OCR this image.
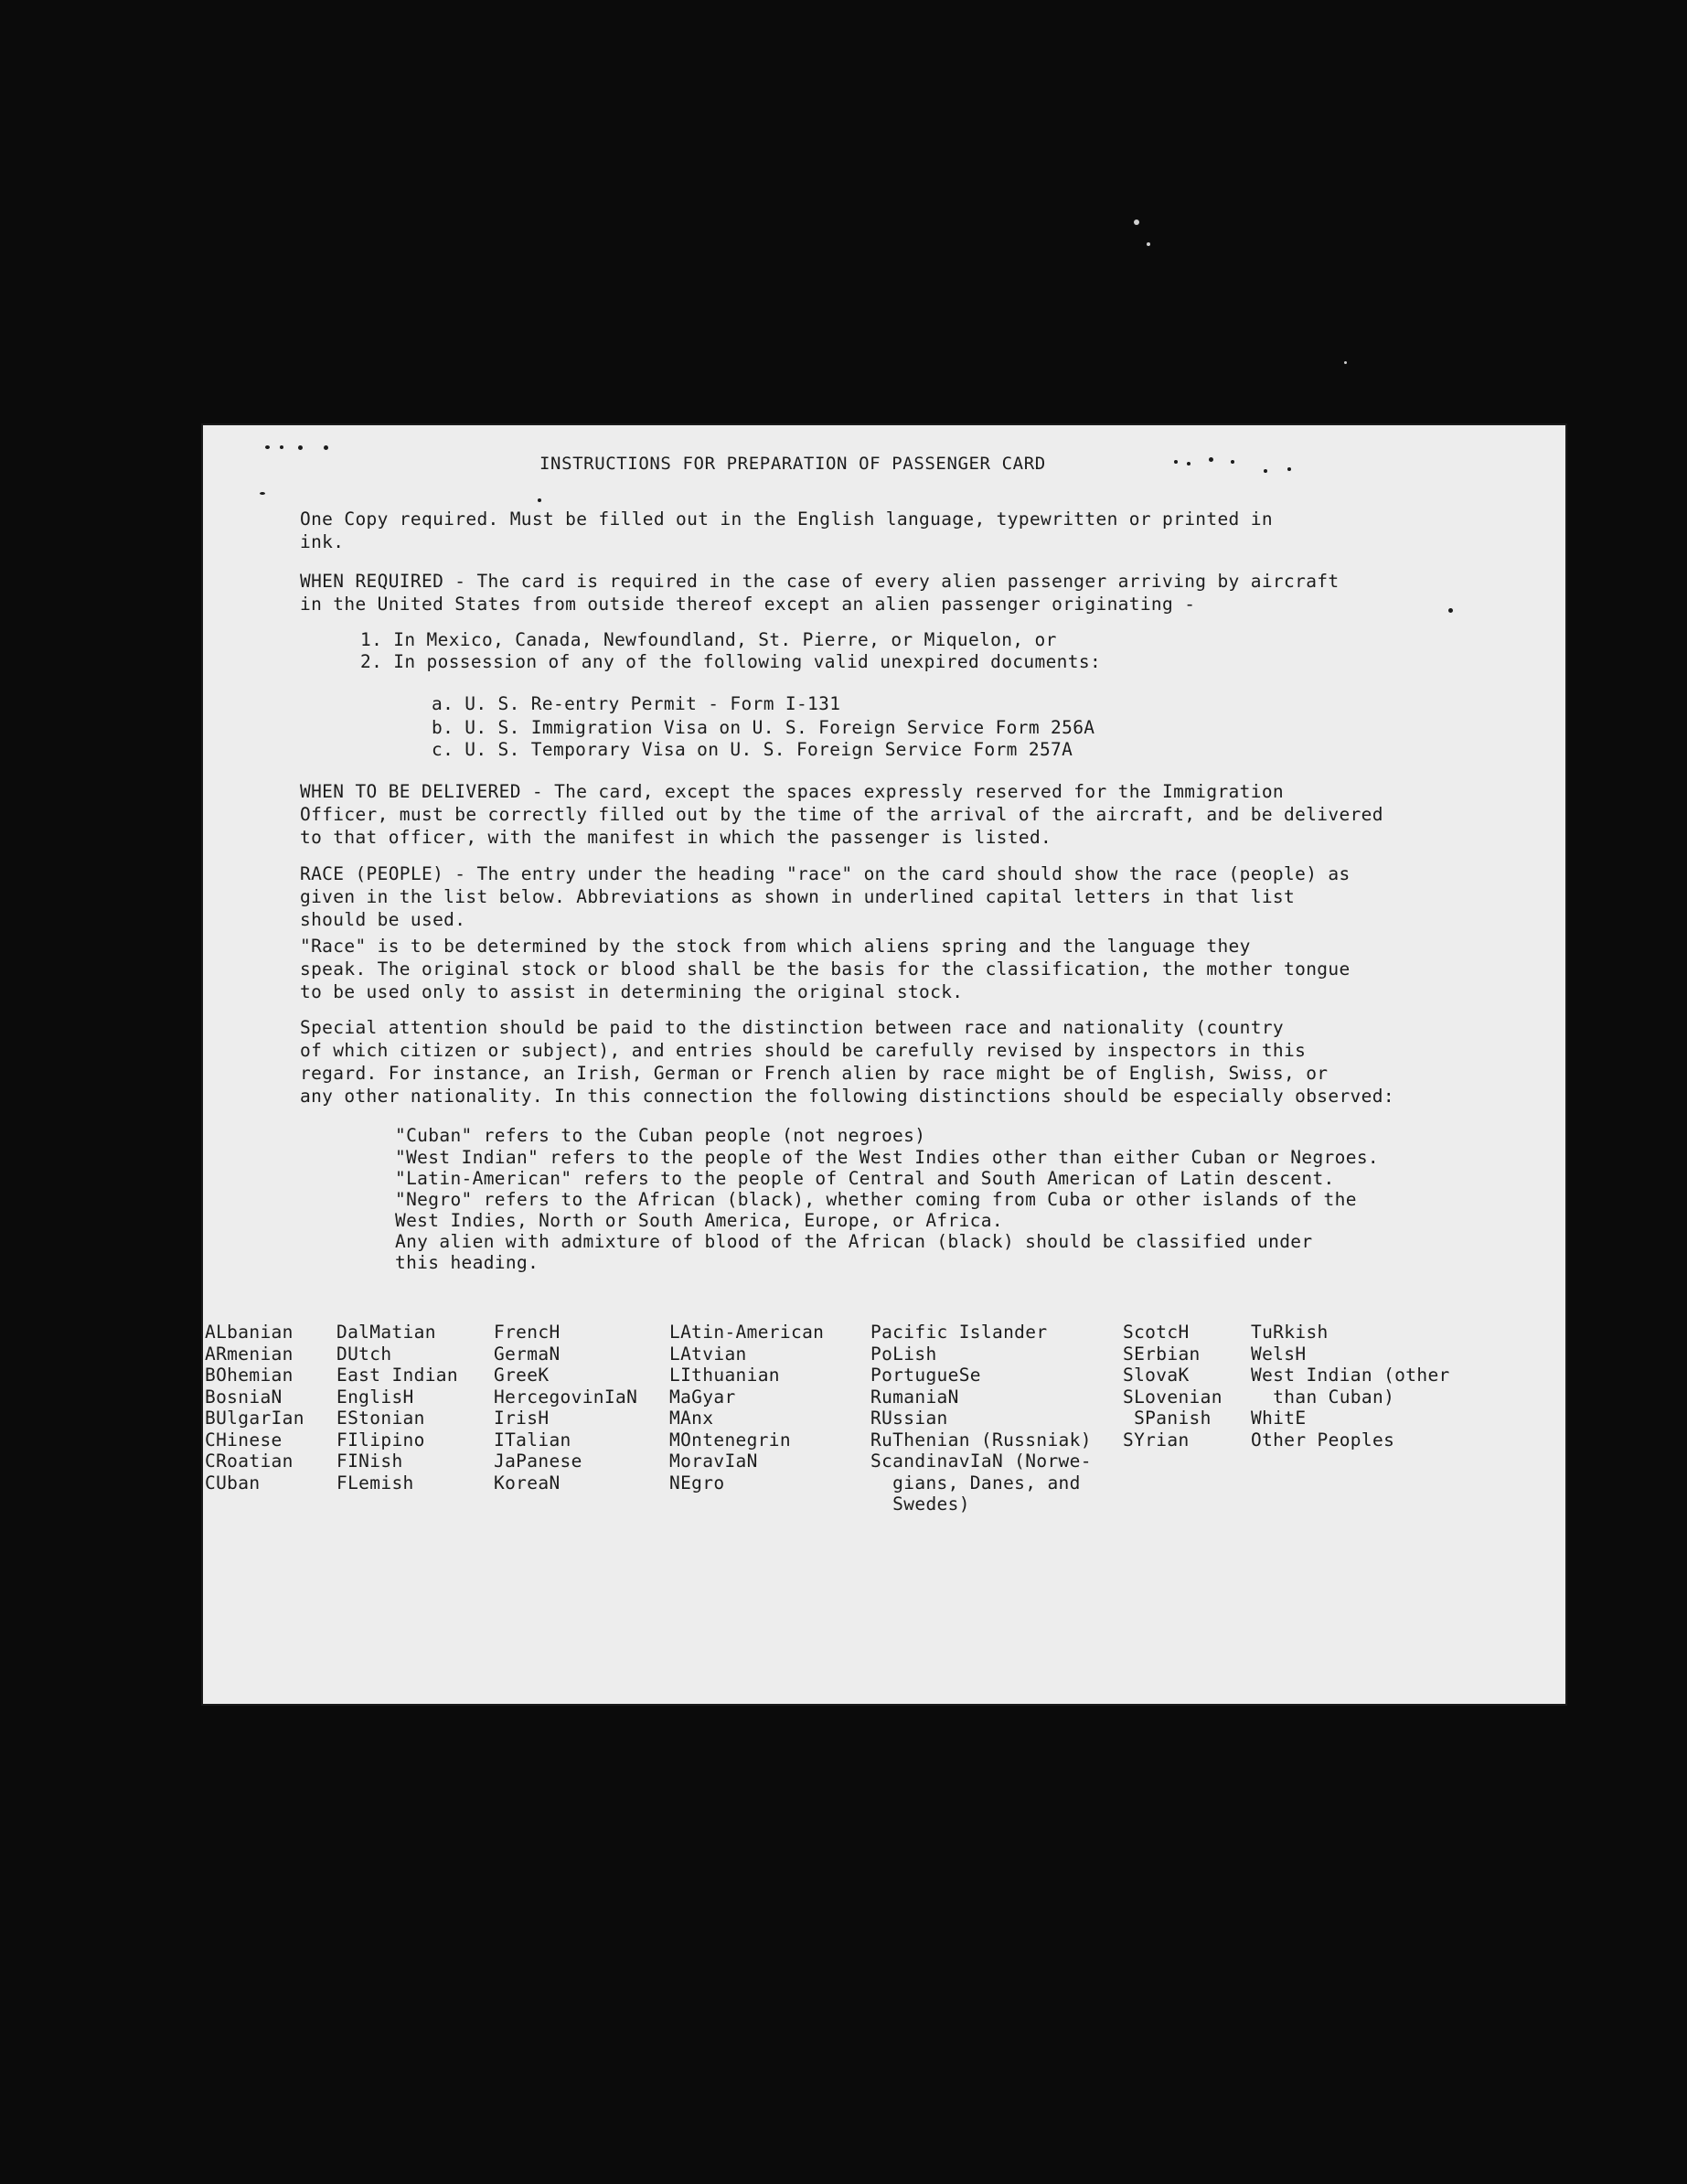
INSTRUCTIONS FOR PREPARATION OF PASSENGER CARD

One Copy required. Must be filled out in the English language, typewritten or printed in

ink.

WHEN REQUIRED - The card is required in the case of every alien passenger arriving by aircraft

in the United States from outside thereof except an alien passenger originating -

1. In Mexico, Canada, Newfoundland, St. Pierre, or Miquelon, or

2. In possession of any of the following valid unexpired documents:

a. U. S. Re-entry Permit - Form I-131

b. U. S. Immigration Visa on U. S. Foreign Service Form 256A

c. U. S. Temporary Visa on U. S. Foreign Service Form 257A

WHEN TO BE DELIVERED - The card, except the spaces expressly reserved for the Immigration

Officer, must be correctly filled out by the time of the arrival of the aircraft, and be delivered

to that officer, with the manifest in which the passenger is listed.

RACE (PEOPLE) - The entry under the heading "race" on the card should show the race (people) as

given in the list below. Abbreviations as shown in underlined capital letters in that list

should be used.

"Race" is to be determined by the stock from which aliens spring and the language they

speak. The original stock or blood shall be the basis for the classification, the mother tongue

to be used only to assist in determining the original stock.

Special attention should be paid to the distinction between race and nationality (country

of which citizen or subject), and entries should be carefully revised by inspectors in this

regard. For instance, an Irish, German or French alien by race might be of English, Swiss, or

any other nationality. In this connection the following distinctions should be especially observed:

"Cuban" refers to the Cuban people (not negroes)

"West Indian" refers to the people of the West Indies other than either Cuban or Negroes.

"Latin-American" refers to the people of Central and South American of Latin descent.

"Negro" refers to the African (black), whether coming from Cuba or other islands of the

West Indies, North or South America, Europe, or Africa.

Any alien with admixture of blood of the African (black) should be classified under

this heading.

ALbanian
ARmenian
BOhemian
BosniaN
BUlgarIan
CHinese
CRoatian
CUban
DalMatian
DUtch
East Indian
EnglisH
EStonian
FIlipino
FINish
FLemish
FrencH
GermaN
GreeK
HercegovinIaN
IrisH
ITalian
JaPanese
KoreaN
LAtin-American
LAtvian
LIthuanian
MaGyar
MAnx
MOntenegrin
MoravIaN
NEgro
Pacific Islander
PoLish
PortugueSe
RumaniaN
RUssian
RuThenian (Russniak)
ScandinavIaN (Norwe-
gians, Danes, and
Swedes)
ScotcH
SErbian
SlovaK
SLovenian
SPanish
SYrian
TuRkish
WelsH
West Indian (other
than Cuban)
WhitE
Other Peoples
